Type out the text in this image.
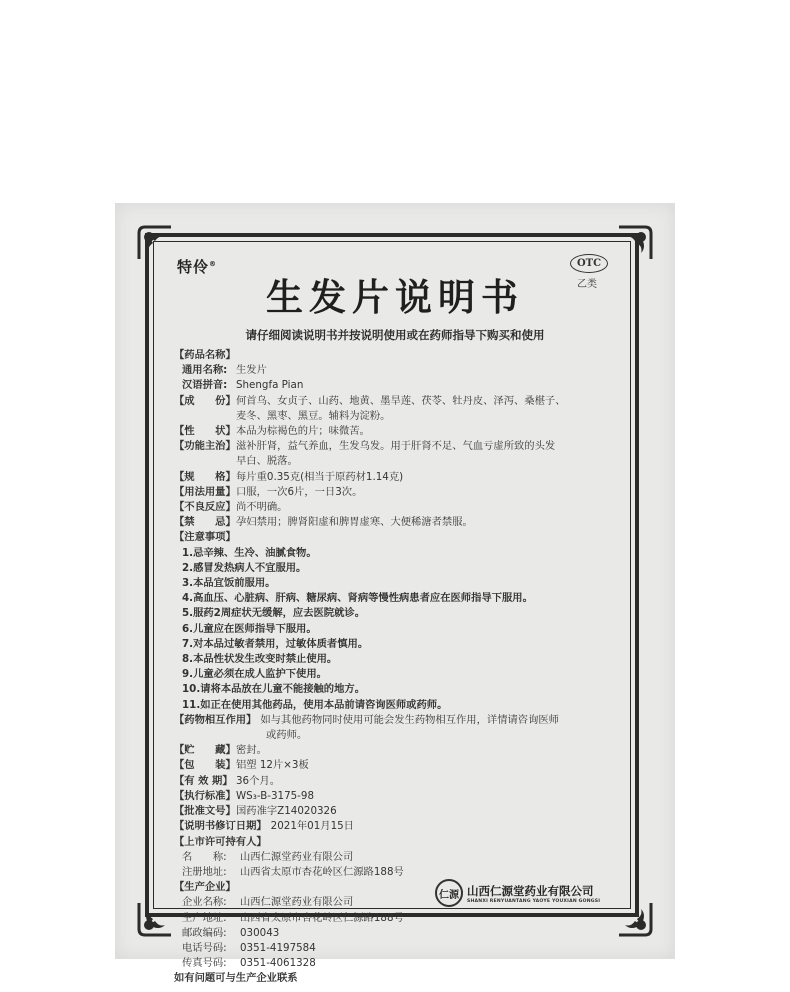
特伶®	OTC
乙类
生发片说明书
请仔细阅读说明书并按说明使用或在药师指导下购买和使用
【药品名称】
通用名称: 生发片
汉语拼音: Shengfa Pian
【成　　份】 何首乌、女贞子、山药、地黄、墨旱莲、茯苓、牡丹皮、泽泻、桑椹子、
麦冬、黑枣、黑豆。辅料为淀粉。
【性　　状】 本品为棕褐色的片；味微苦。
【功能主治】 滋补肝肾，益气养血，生发乌发。用于肝肾不足、气血亏虚所致的头发
早白、脱落。
【规　　格】 每片重0.35克(相当于原药材1.14克)
【用法用量】 口服，一次6片，一日3次。
【不良反应】 尚不明确。
【禁　　忌】 孕妇禁用；脾肾阳虚和脾胃虚寒、大便稀溏者禁服。
【注意事项】
1.忌辛辣、生冷、油腻食物。
2.感冒发热病人不宜服用。
3.本品宜饭前服用。
4.高血压、心脏病、肝病、糖尿病、肾病等慢性病患者应在医师指导下服用。
5.服药2周症状无缓解，应去医院就诊。
6.儿童应在医师指导下服用。
7.对本品过敏者禁用，过敏体质者慎用。
8.本品性状发生改变时禁止使用。
9.儿童必须在成人监护下使用。
10.请将本品放在儿童不能接触的地方。
11.如正在使用其他药品，使用本品前请咨询医师或药师。
【药物相互作用】 如与其他药物同时使用可能会发生药物相互作用，详情请咨询医师
或药师。
【贮　　藏】 密封。
【包　　装】 铝塑 12片×3板
【有 效 期】 36个月。
【执行标准】 WS₃-B-3175-98
【批准文号】 国药准字Z14020326
【说明书修订日期】 2021年01月15日
【上市许可持有人】
名　　称: 山西仁源堂药业有限公司
注册地址: 山西省太原市杏花岭区仁源路188号
【生产企业】
企业名称: 山西仁源堂药业有限公司
生产地址: 山西省太原市杏花岭区仁源路188号
邮政编码: 030043
电话号码: 0351-4197584
传真号码: 0351-4061328
如有问题可与生产企业联系
仁源 山西仁源堂药业有限公司
SHANXI RENYUANTANG YAOYE YOUXIAN GONGSI
